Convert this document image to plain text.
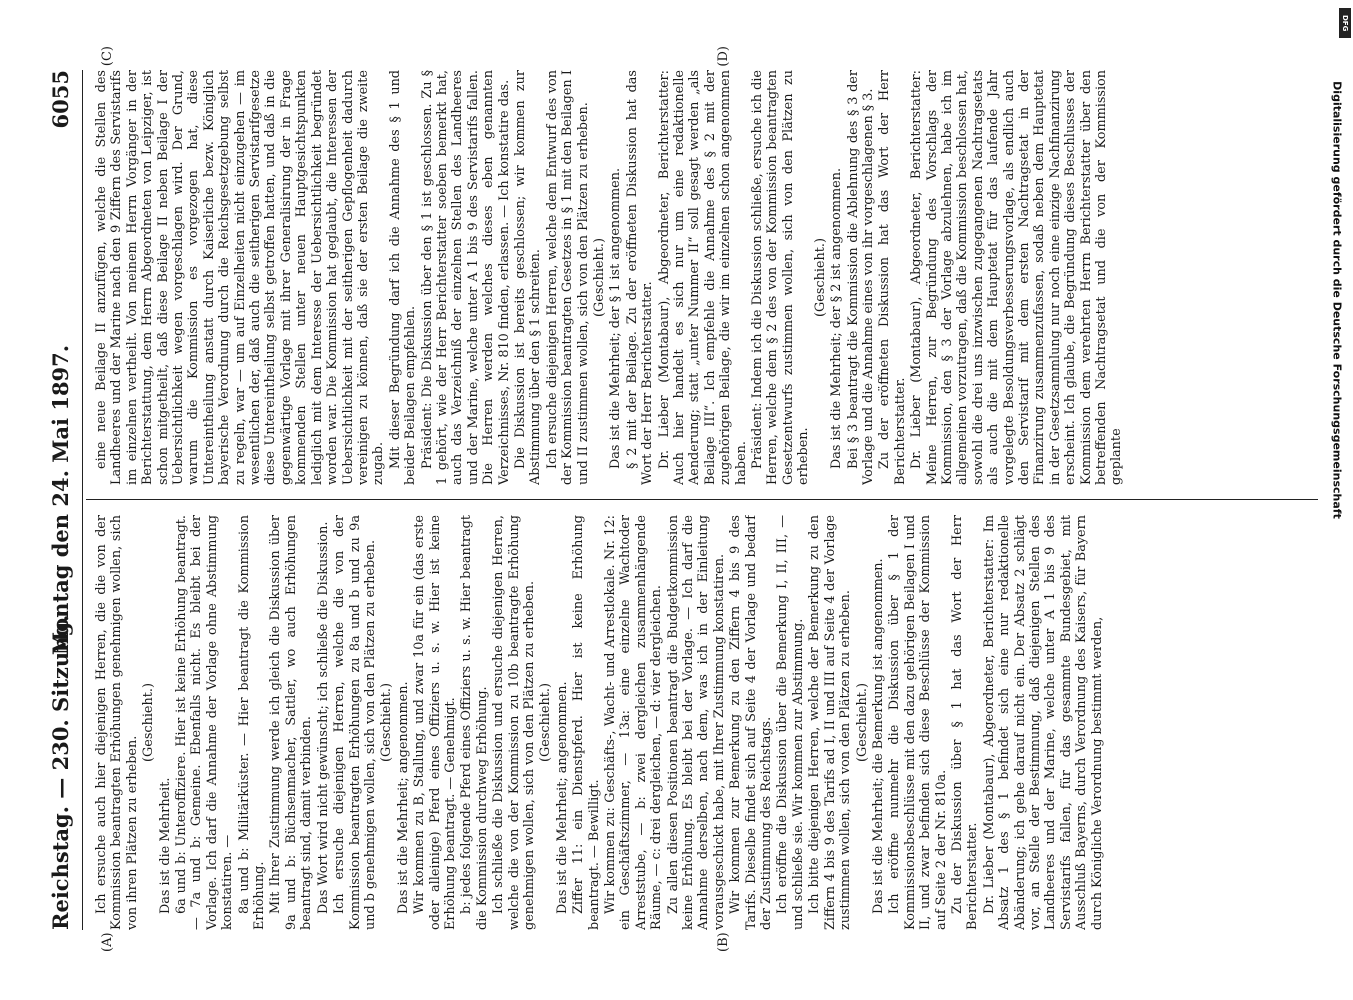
Reichstag. — 230. Sitzung.
Montag den 24. Mai 1897.
6055
(A)	(B)
(C)	(D)

Ich ersuche auch hier diejenigen Herren, die die von der Kommission beantragten Erhöhungen genehmigen wollen, sich von ihren Plätzen zu erheben.

(Geschieht.)

Das ist die Mehrheit. 6a und b: Unteroffiziere. Hier ist keine Erhöhung beantragt. — 7a und b: Gemeine. Ebenfalls nicht. Es bleibt bei der Vorlage. Ich darf die Annahme der Vorlage ohne Abstimmung konstatiren. — 8a und b: Militärküster. — Hier beantragt die Kommission Erhöhung. Mit Ihrer Zustimmung werde ich gleich die Diskussion über 9a und b: Büchsenmacher, Sattler, wo auch Erhöhungen beantragt sind, damit verbinden. Das Wort wird nicht gewünscht; ich schließe die Diskussion. Ich ersuche diejenigen Herren, welche die von der Kommission beantragten Erhöhungen zu 8a und b und zu 9a und b genehmigen wollen, sich von den Plätzen zu erheben. (Geschieht.) Das ist die Mehrheit; angenommen. Wir kommen zu B, Stallung, und zwar 10a für ein (das erste oder alleinige) Pferd eines Offiziers u. s. w. Hier ist keine Erhöhung beantragt. — Genehmigt. b: jedes folgende Pferd eines Offiziers u. s. w. Hier beantragt die Kommission durchweg Erhöhung. Ich schließe die Diskussion und ersuche diejenigen Herren, welche die von der Kommission zu 10b beantragte Erhöhung genehmigen wollen, sich von den Plätzen zu erheben. (Geschieht.) Das ist die Mehrheit; angenommen. Ziffer 11: ein Dienstpferd. Hier ist keine Erhöhung beantragt. — Bewilligt. Wir kommen zu: Geschäfts-, Wacht- und Arrestlokale. Nr. 12: ein Geschäftszimmer, — 13a: eine einzelne Wachtoder Arreststube, — b: zwei dergleichen zusammenhängende Räume, — c: drei dergleichen, — d: vier dergleichen. Zu allen diesen Positionen beantragt die Budgetkommission keine Erhöhung. Es bleibt bei der Vorlage. — Ich darf die Annahme derselben, nach dem, was ich in der Einleitung vorausgeschickt habe, mit Ihrer Zustimmung konstatiren. Wir kommen zur Bemerkung zu den Ziffern 4 bis 9 des Tarifs. Dieselbe findet sich auf Seite 4 der Vorlage und bedarf der Zustimmung des Reichstags. Ich eröffne die Diskussion über die Bemerkung I, II, III, — und schließe sie. Wir kommen zur Abstimmung. Ich bitte diejenigen Herren, welche der Bemerkung zu den Ziffern 4 bis 9 des Tarifs ad I, II und III auf Seite 4 der Vorlage zustimmen wollen, sich von den Plätzen zu erheben. (Geschieht.) Das ist die Mehrheit; die Bemerkung ist angenommen. Ich eröffne nunmehr die Diskussion über § 1 der Kommissionsbeschlüsse mit den dazu gehörigen Beilagen I und II, und zwar befinden sich diese Beschlüsse der Kommission auf Seite 2 der Nr. 810a. Zu der Diskussion über § 1 hat das Wort der Herr Berichterstatter. Dr. Lieber (Montabaur), Abgeordneter, Berichterstatter: Im Absatz 1 des § 1 befindet sich eine nur redaktionelle Abänderung; ich gehe darauf nicht ein. Der Absatz 2 schlägt vor, an Stelle der Bestimmung, daß diejenigen Stellen des Landheeres und der Marine, welche unter A 1 bis 9 des Servistarifs fallen, für das gesammte Bundesgebiet, mit Ausschluß Bayerns, durch Verordnung des Kaisers, für Bayern durch Königliche Verordnung bestimmt werden,

eine neue Beilage II anzufügen, welche die Stellen des Landheeres und der Marine nach den 9 Ziffern des Servistarifs im einzelnen vertheilt. Von meinem Herrn Vorgänger in der Berichterstattung, dem Herrn Abgeordneten von Leipziger, ist schon mitgetheilt, daß diese Beilage II neben Beilage I der Uebersichtlichkeit wegen vorgeschlagen wird. Der Grund, warum die Kommission es vorgezogen hat, diese Untereintheilung anstatt durch Kaiserliche bezw. Königlich bayerische Verordnung durch die Reichsgesetzgebung selbst zu regeln, war — um auf Einzelheiten nicht einzugehen — im wesentlichen der, daß auch die seitherigen Servistarifgesetze diese Untereintheilung selbst getroffen hatten, und daß in die gegenwärtige Vorlage mit ihrer Generalisirung der in Frage kommenden Stellen unter neuen Hauptgesichtspunkten lediglich mit dem Interesse der Uebersichtlichkeit begründet worden war. Die Kommission hat geglaubt, die Interessen der Uebersichtlichkeit mit der seitherigen Gepflogenheit dadurch vereinigen zu können, daß sie der ersten Beilage die zweite zugab. Mit dieser Begründung darf ich die Annahme des § 1 und beider Beilagen empfehlen. Präsident: Die Diskussion über den § 1 ist geschlossen. Zu § 1 gehört, wie der Herr Berichterstatter soeben bemerkt hat, auch das Verzeichniß der einzelnen Stellen des Landheeres und der Marine, welche unter A 1 bis 9 des Servistarifs fallen. Die Herren werden welches dieses eben genannten Verzeichnisses, Nr. 810 finden, erlassen. — Ich konstatire das. Die Diskussion ist bereits geschlossen; wir kommen zur Abstimmung über den § 1 schreiten. Ich ersuche diejenigen Herren, welche dem Entwurf des von der Kommission beantragten Gesetzes in § 1 mit den Beilagen I und II zustimmen wollen, sich von den Plätzen zu erheben. (Geschieht.) Das ist die Mehrheit; der § 1 ist angenommen. § 2 mit der Beilage. Zu der eröffneten Diskussion hat das Wort der Herr Berichterstatter. Dr. Lieber (Montabaur), Abgeordneter, Berichterstatter: Auch hier handelt es sich nur um eine redaktionelle Aenderung; statt „unter Nummer II“ soll gesagt werden „als Beilage III“. Ich empfehle die Annahme des § 2 mit der zugehörigen Beilage, die wir im einzelnen schon angenommen haben. Präsident: Indem ich die Diskussion schließe, ersuche ich die Herren, welche dem § 2 des von der Kommission beantragten Gesetzentwurfs zustimmen wollen, sich von den Plätzen zu erheben.

(Geschieht.) Das ist die Mehrheit; der § 2 ist angenommen. Bei § 3 beantragt die Kommission die Ablehnung des § 3 der Vorlage und die Annahme eines von ihr vorgeschlagenen § 3. Zu der eröffneten Diskussion hat das Wort der Herr Berichterstatter. Dr. Lieber (Montabaur), Abgeordneter, Berichterstatter: Meine Herren, zur Begründung des Vorschlags der Kommission, den § 3 der Vorlage abzulehnen, habe ich im allgemeinen vorzutragen, daß die Kommission beschlossen hat, sowohl die drei uns inzwischen zugegangenen Nachtragsetats als auch die mit dem Hauptetat für das laufende Jahr vorgelegte Besoldungsverbesserungsvorlage, als endlich auch den Servistarif mit dem ersten Nachtragsetat in der Finanzirung zusammenzufassen, sodaß neben dem Hauptetat in der Gesetzsammlung nur noch eine einzige Nachfinanzirung erscheint. Ich glaube, die Begründung dieses Beschlusses der Kommission dem verehrten Herrn Berichterstatter über den betreffenden Nachtragsetat und die von der Kommission geplante	Digitalisierung gefördert durch die Deutsche Forschungsgemeinschaft
DFG
